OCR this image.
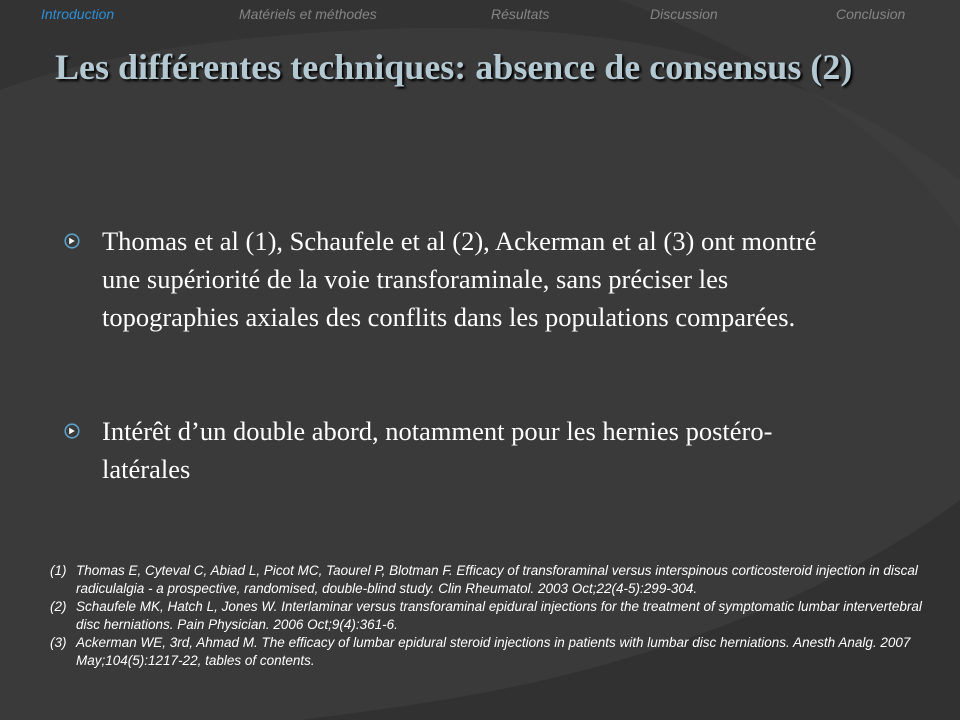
Introduction	Matériels et méthodes	Résultats	Discussion	Conclusion
Les différentes techniques: absence de consensus (2)
Thomas et al (1), Schaufele et al (2), Ackerman et al (3) ont montré une supériorité de la voie transforaminale, sans préciser les topographies axiales des conflits dans les populations comparées.
Intérêt d’un double abord, notamment pour les hernies postéro-latérales
(1) Thomas E, Cyteval C, Abiad L, Picot MC, Taourel P, Blotman F. Efficacy of transforaminal versus interspinous corticosteroid injection in discal radiculalgia - a prospective, randomised, double-blind study. Clin Rheumatol. 2003 Oct;22(4-5):299-304.
(2) Schaufele MK, Hatch L, Jones W. Interlaminar versus transforaminal epidural injections for the treatment of symptomatic lumbar intervertebral disc herniations. Pain Physician. 2006 Oct;9(4):361-6.
(3) Ackerman WE, 3rd, Ahmad M. The efficacy of lumbar epidural steroid injections in patients with lumbar disc herniations. Anesth Analg. 2007 May;104(5):1217-22, tables of contents.
